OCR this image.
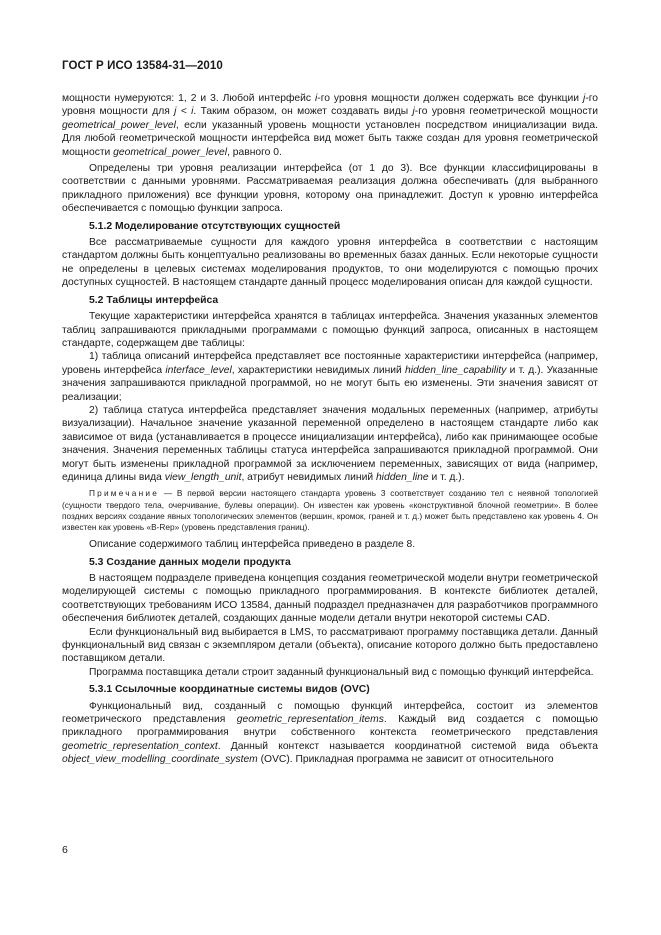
ГОСТ Р ИСО 13584-31—2010

мощности нумеруются: 1, 2 и 3. Любой интерфейс i-го уровня мощности должен содержать все функции j-го уровня мощности для j < i. Таким образом, он может создавать виды j-го уровня геометрической мощности geometrical_power_level, если указанный уровень мощности установлен посредством инициализации вида. Для любой геометрической мощности интерфейса вид может быть также создан для уровня геометрической мощности geometrical_power_level, равного 0.

Определены три уровня реализации интерфейса (от 1 до 3). Все функции классифицированы в соответствии с данными уровнями. Рассматриваемая реализация должна обеспечивать (для выбранного прикладного приложения) все функции уровня, которому она принадлежит. Доступ к уровню интерфейса обеспечивается с помощью функции запроса.

5.1.2 Моделирование отсутствующих сущностей

Все рассматриваемые сущности для каждого уровня интерфейса в соответствии с настоящим стандартом должны быть концептуально реализованы во временных базах данных. Если некоторые сущности не определены в целевых системах моделирования продуктов, то они моделируются с помощью прочих доступных сущностей. В настоящем стандарте данный процесс моделирования описан для каждой сущности.

5.2 Таблицы интерфейса

Текущие характеристики интерфейса хранятся в таблицах интерфейса. Значения указанных элементов таблиц запрашиваются прикладными программами с помощью функций запроса, описанных в настоящем стандарте, содержащем две таблицы:

1) таблица описаний интерфейса представляет все постоянные характеристики интерфейса (например, уровень интерфейса interface_level, характеристики невидимых линий hidden_line_capability и т. д.). Указанные значения запрашиваются прикладной программой, но не могут быть ею изменены. Эти значения зависят от реализации;

2) таблица статуса интерфейса представляет значения модальных переменных (например, атрибуты визуализации). Начальное значение указанной переменной определено в настоящем стандарте либо как зависимое от вида (устанавливается в процессе инициализации интерфейса), либо как принимающее особые значения. Значения переменных таблицы статуса интерфейса запрашиваются прикладной программой. Они могут быть изменены прикладной программой за исключением переменных, зависящих от вида (например, единица длины вида view_length_unit, атрибут невидимых линий hidden_line и т. д.).

Примечание — В первой версии настоящего стандарта уровень 3 соответствует созданию тел с неявной топологией (сущности твердого тела, очерчивание, булевы операции). Он известен как уровень «конструктивной блочной геометрии». В более поздних версиях создание явных топологических элементов (вершин, кромок, граней и т. д.) может быть представлено как уровень 4. Он известен как уровень «B-Rep» (уровень представления границ).

Описание содержимого таблиц интерфейса приведено в разделе 8.

5.3 Создание данных модели продукта

В настоящем подразделе приведена концепция создания геометрической модели внутри геометрической моделирующей системы с помощью прикладного программирования. В контексте библиотек деталей, соответствующих требованиям ИСО 13584, данный подраздел предназначен для разработчиков программного обеспечения библиотек деталей, создающих данные модели детали внутри некоторой системы CAD.

Если функциональный вид выбирается в LMS, то рассматривают программу поставщика детали. Данный функциональный вид связан с экземпляром детали (объекта), описание которого должно быть предоставлено поставщиком детали.

Программа поставщика детали строит заданный функциональный вид с помощью функций интерфейса.

5.3.1 Ссылочные координатные системы видов (OVC)

Функциональный вид, созданный с помощью функций интерфейса, состоит из элементов геометрического представления geometric_representation_items. Каждый вид создается с помощью прикладного программирования внутри собственного контекста геометрического представления geometric_representation_context. Данный контекст называется координатной системой вида объекта object_view_modelling_coordinate_system (OVC). Прикладная программа не зависит от относительного

6
